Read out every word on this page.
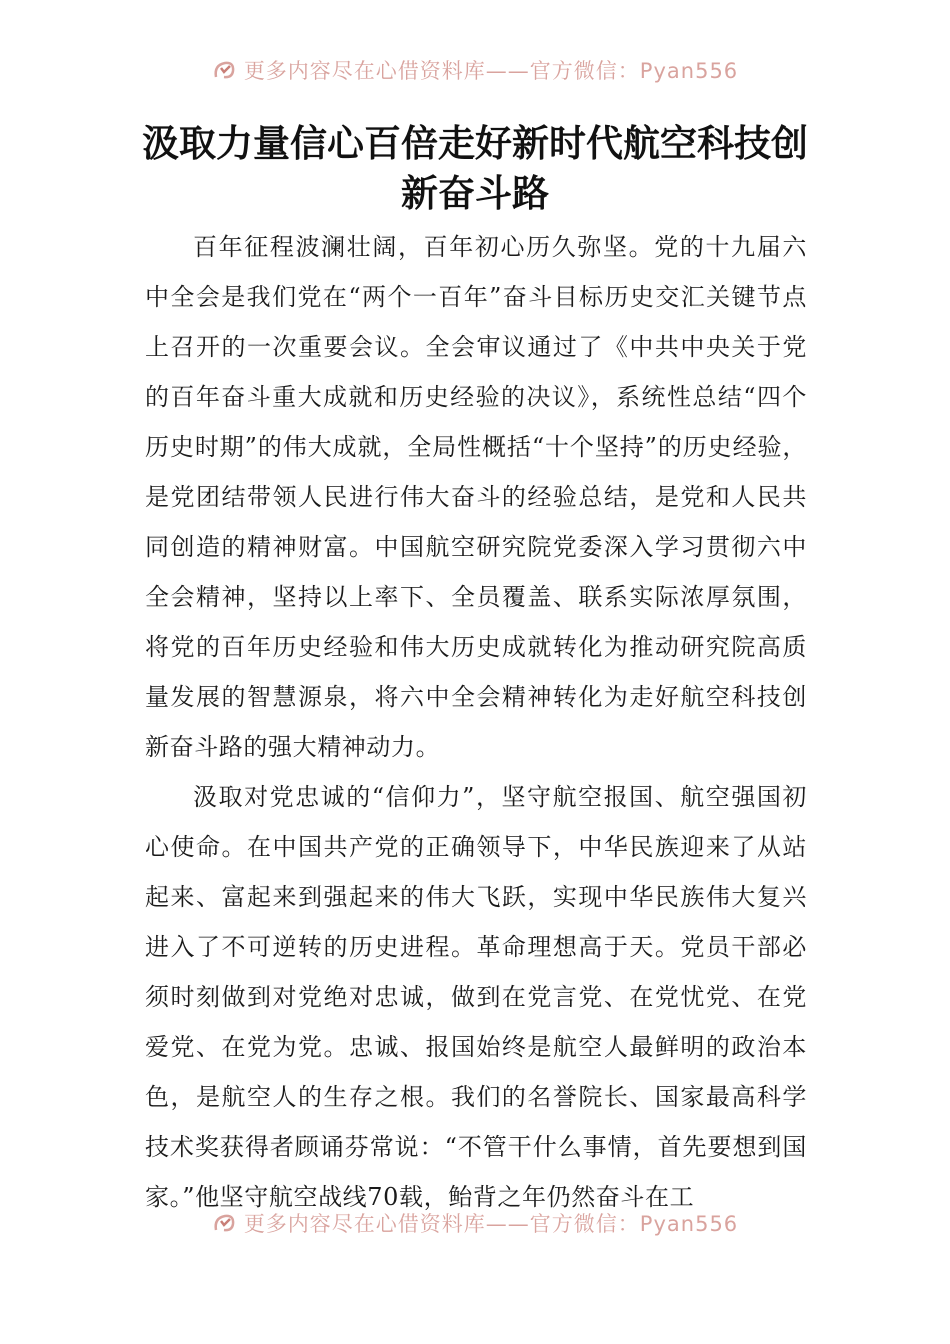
更多内容尽在心借资料库——官方微信：Pyan556
汲取力量信心百倍走好新时代航空科技创新奋斗路

百年征程波澜壮阔，百年初心历久弥坚。党的十九届六中全会是我们党在“两个一百年”奋斗目标历史交汇关键节点上召开的一次重要会议。全会审议通过了《中共中央关于党的百年奋斗重大成就和历史经验的决议》，系统性总结“四个历史时期”的伟大成就，全局性概括“十个坚持”的历史经验，是党团结带领人民进行伟大奋斗的经验总结，是党和人民共同创造的精神财富。中国航空研究院党委深入学习贯彻六中全会精神，坚持以上率下、全员覆盖、联系实际浓厚氛围，将党的百年历史经验和伟大历史成就转化为推动研究院高质量发展的智慧源泉，将六中全会精神转化为走好航空科技创新奋斗路的强大精神动力。

汲取对党忠诚的“信仰力”，坚守航空报国、航空强国初心使命。在中国共产党的正确领导下，中华民族迎来了从站起来、富起来到强起来的伟大飞跃，实现中华民族伟大复兴进入了不可逆转的历史进程。革命理想高于天。党员干部必须时刻做到对党绝对忠诚，做到在党言党、在党忧党、在党爱党、在党为党。忠诚、报国始终是航空人最鲜明的政治本色，是航空人的生存之根。我们的名誉院长、国家最高科学技术奖获得者顾诵芬常说：“不管干什么事情，首先要想到国家。”他坚守航空战线70载，鲐背之年仍然奋斗在工

更多内容尽在心借资料库——官方微信：Pyan556
